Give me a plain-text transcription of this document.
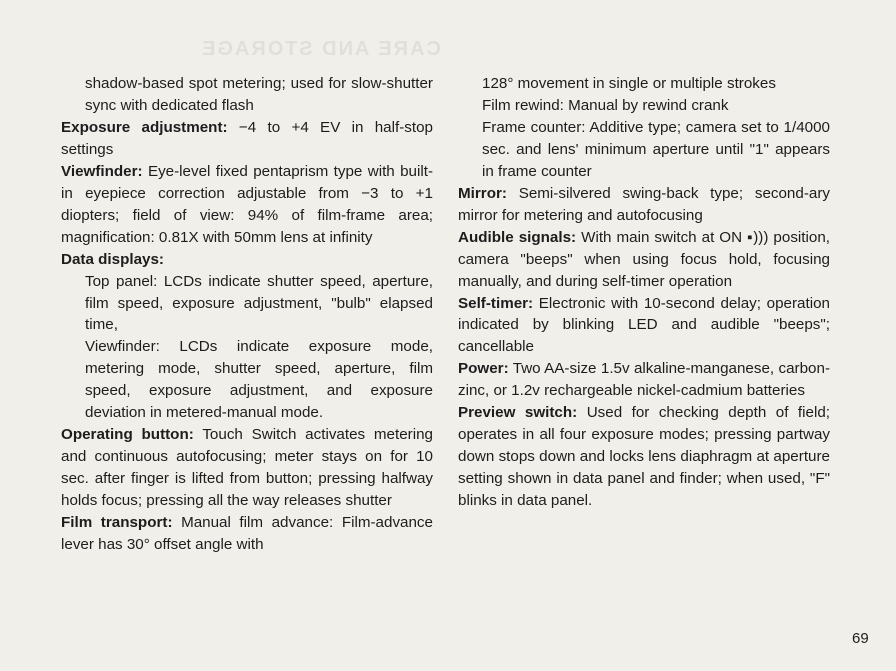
CARE AND STORAGE

shadow-based spot metering; used for slow-shutter sync with dedicated flash

Exposure adjustment: −4 to +4 EV in half-stop settings

Viewfinder: Eye-level fixed pentaprism type with built-in eyepiece correction adjustable from −3 to +1 diopters; field of view: 94% of film-frame area; magnification: 0.81X with 50mm lens at infinity

Data displays:

Top panel: LCDs indicate shutter speed, aperture, film speed, exposure adjustment, "bulb" elapsed time,

Viewfinder: LCDs indicate exposure mode, metering mode, shutter speed, aperture, film speed, exposure adjustment, and exposure deviation in metered-manual mode.

Operating button: Touch Switch activates metering and continuous autofocusing; meter stays on for 10 sec. after finger is lifted from button; pressing halfway holds focus; pressing all the way releases shutter

Film transport: Manual film advance: Film-advance lever has 30° offset angle with

128° movement in single or multiple strokes

Film rewind: Manual by rewind crank

Frame counter: Additive type; camera set to 1/4000 sec. and lens' minimum aperture until "1" appears in frame counter

Mirror: Semi-silvered swing-back type; second-ary mirror for metering and autofocusing

Audible signals: With main switch at ON ▪))) position, camera "beeps" when using focus hold, focusing manually, and during self-timer operation

Self-timer: Electronic with 10-second delay; operation indicated by blinking LED and audible "beeps"; cancellable

Power: Two AA-size 1.5v alkaline-manganese, carbon-zinc, or 1.2v rechargeable nickel-cadmium batteries

Preview switch: Used for checking depth of field; operates in all four exposure modes; pressing partway down stops down and locks lens diaphragm at aperture setting shown in data panel and finder; when used, "F" blinks in data panel.

69
